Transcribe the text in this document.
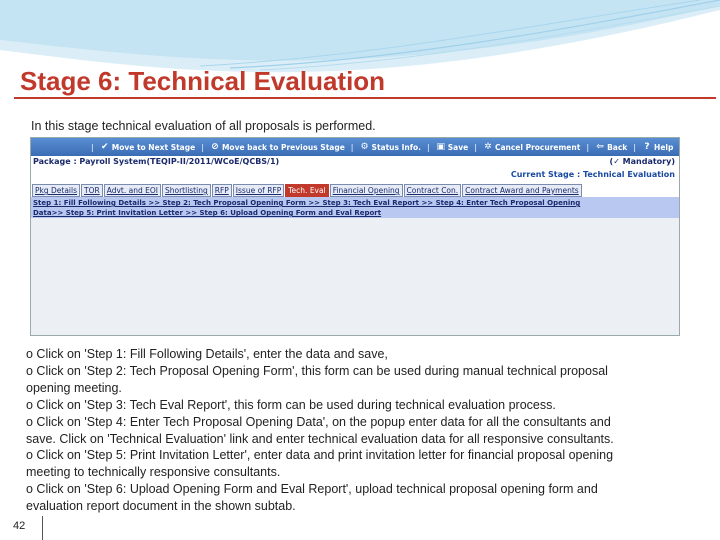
Stage 6: Technical Evaluation
In this stage technical evaluation of all proposals is performed.
| ✔ Move to Next Stage | ⊘ Move back to Previous Stage | ⚙ Status Info. | ▣ Save | ✲ Cancel Procurement | ⇦ Back | ? Help
Package : Payroll System(TEQIP-II/2011/WCoE/QCBS/1)	(✓ Mandatory)
Current Stage : Technical Evaluation
Pkg Details TOR Advt. and EOI Shortlisting RFP Issue of RFP Tech. Eval Financial Opening Contract Con. Contract Award and Payments
Step 1: Fill Following Details >> Step 2: Tech Proposal Opening Form >> Step 3: Tech Eval Report >> Step 4: Enter Tech Proposal Opening
Data>> Step 5: Print Invitation Letter >> Step 6: Upload Opening Form and Eval Report
o Click on 'Step 1: Fill Following Details', enter the data and save,
o Click on 'Step 2: Tech Proposal Opening Form', this form can be used during manual technical proposal
opening meeting.
o Click on 'Step 3: Tech Eval Report', this form can be used during technical evaluation process.
o Click on 'Step 4: Enter Tech Proposal Opening Data', on the popup enter data for all the consultants and
save. Click on 'Technical Evaluation' link and enter technical evaluation data for all responsive consultants.
o Click on 'Step 5: Print Invitation Letter', enter data and print invitation letter for financial proposal opening
meeting to technically responsive consultants.
o Click on 'Step 6: Upload Opening Form and Eval Report', upload technical proposal opening form and
evaluation report document in the shown subtab.
42
